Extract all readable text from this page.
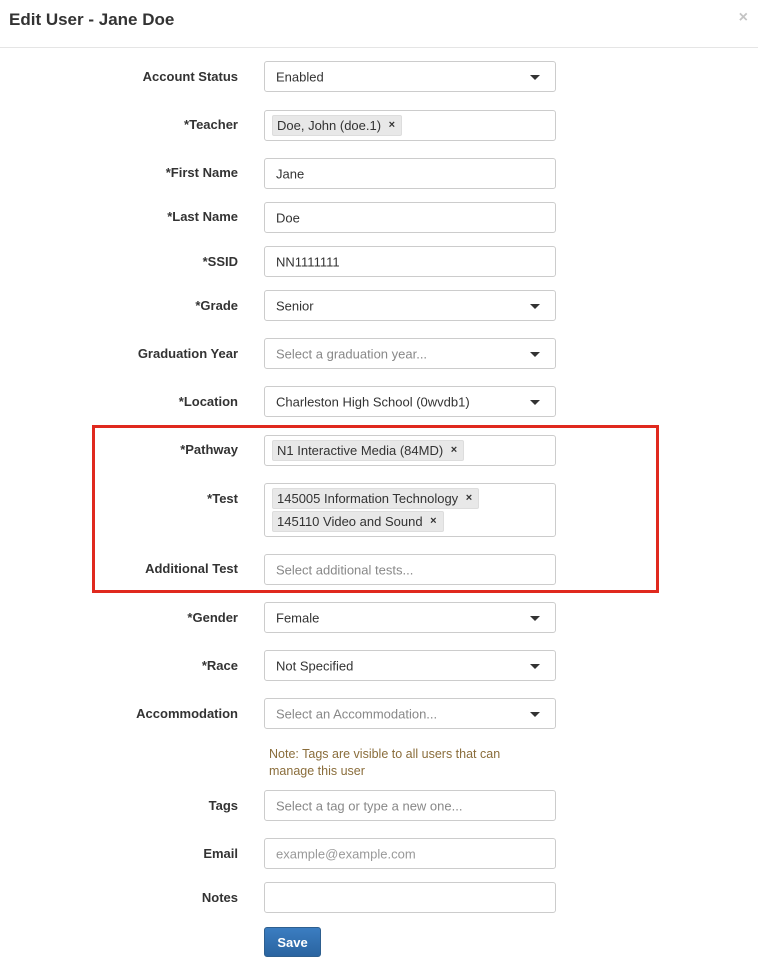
Edit User - Jane Doe	×
Account Status	Enabled
*Teacher	Doe, John (doe.1) ×
*First Name	Jane
*Last Name	Doe
*SSID	NN1111111
*Grade	Senior
Graduation Year	Select a graduation year...
*Location	Charleston High School (0wvdb1)
*Pathway	N1 Interactive Media (84MD) ×
*Test	145005 Information Technology ×
145110 Video and Sound ×
Additional Test	Select additional tests...
*Gender	Female
*Race	Not Specified
Accommodation	Select an Accommodation...
Note: Tags are visible to all users that can manage this user
Tags	Select a tag or type a new one...
Email	example@example.com
Notes
Save
